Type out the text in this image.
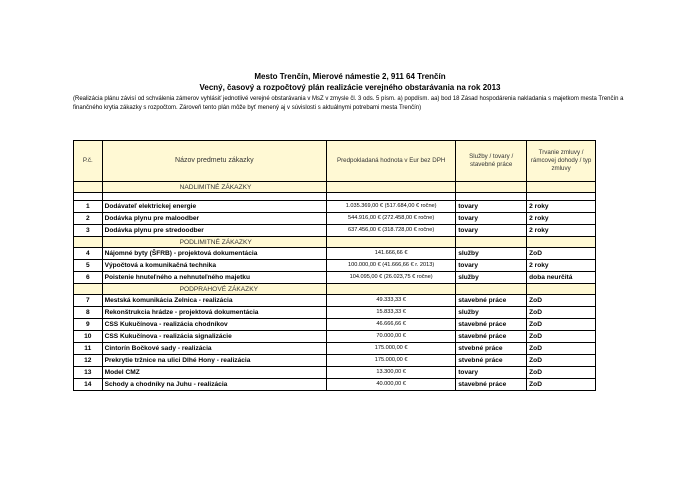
Mesto Trenčín, Mierové námestie 2, 911 64 Trenčín
Vecný, časový a rozpočtový plán realizácie verejného obstarávania na rok 2013
(Realizácia plánu závisí od schválenia zámerov vyhlásiť jednotlivé verejné obstarávania v MsZ v zmysle čl. 3 ods. 5 písm. a) popdísm. aa) bod 18 Zásad hospodárenia nakladania s majetkom mesta Trenčín a finančného krytia zákazky s rozpočtom. Zároveň tento plán môže byť menený aj v súvislosti s aktuálnymi potrebami mesta Trenčín)
P.č.	Názov predmetu zákazky	Predpokladaná hodnota v Eur bez DPH	Služby / tovary / stavebné práce	Trvanie zmluvy / rámcovej dohody / typ zmluvy
	NADLIMITNÉ ZÁKAZKY			

1	Dodávateľ elektrickej energie	1.035.369,00 € (517.684,00 € ročne)	tovary	2 roky
2	Dodávka plynu pre maloodber	544.916,00 € (272.458,00 € ročne)	tovary	2 roky
3	Dodávka plynu pre stredoodber	637.456,00 € (318.728,00 € ročne)	tovary	2 roky
	PODLIMITNÉ ZÁKAZKY			
4	Nájomné byty (ŠFRB) - projektová dokumentácia	141.666,66 €	služby	ZoD
5	Výpočtová a komunikačná technika	100.000,00 € (41.666,66 € r. 2013)	tovary	2 roky
6	Poistenie hnuteľného a nehnuteľného majetku	104.095,00 € (26.023,75 € ročne)	služby	doba neurčitá
	PODPRAHOVÉ ZÁKAZKY			
7	Mestská komunikácia Zelnica - realizácia	49.333,33 €	stavebné práce	ZoD
8	Rekonštrukcia hrádze - projektová dokumentácia	15.833,33 €	služby	ZoD
9	CSS Kukučínova - realizácia chodníkov	46.666,66 €	stavebné práce	ZoD
10	CSS Kukučínova - realizácia signalizácie	70.000,00 €	stavebné práce	ZoD
11	Cintorín Bočkové sady - realizácia	175.000,00 €	stvebné práce	ZoD
12	Prekrytie tržnice na ulici Dlhé Hony - realizácia	175.000,00 €	stvebné práce	ZoD
13	Model CMZ	13.300,00 €	tovary	ZoD
14	Schody a chodníky na Juhu - realizácia	40.000,00 €	stavebné práce	ZoD
